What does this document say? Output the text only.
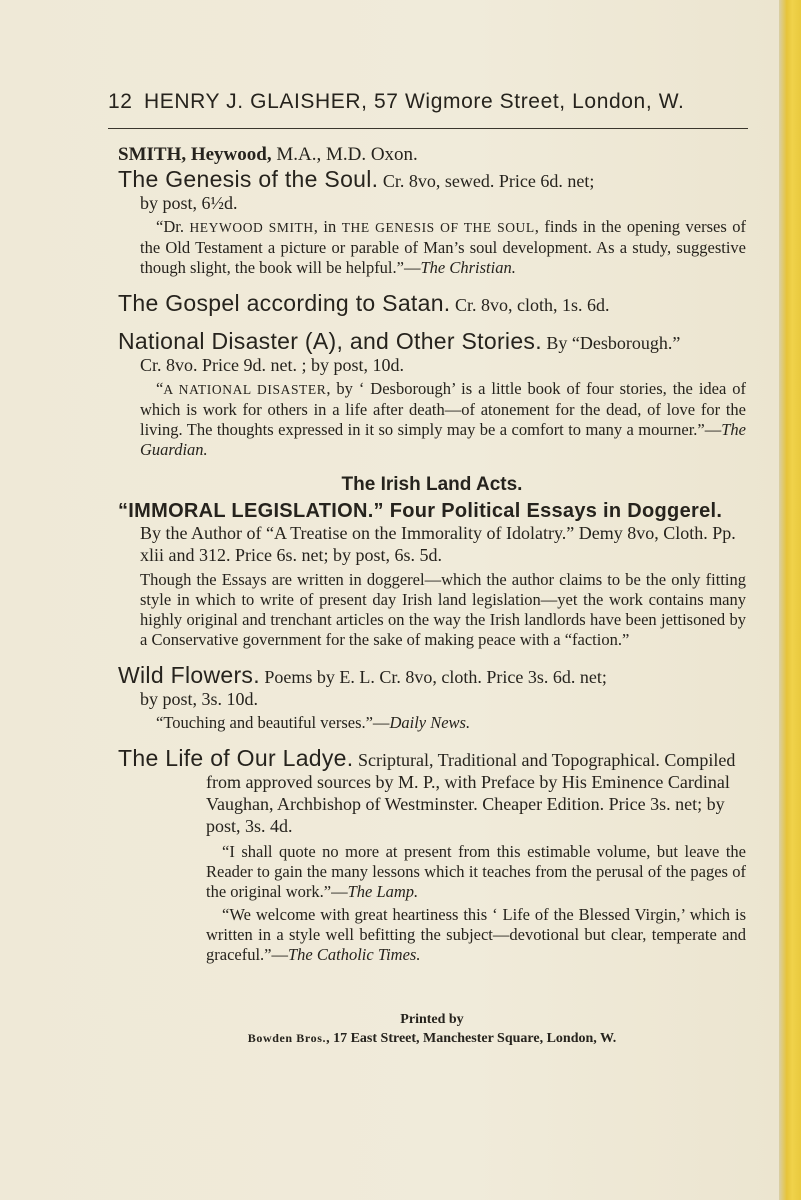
12 HENRY J. GLAISHER, 57 Wigmore Street, London, W.

SMITH, Heywood, M.A., M.D. Oxon.

The Genesis of the Soul. Cr. 8vo, sewed. Price 6d. net;
by post, 6½d.

“Dr. HEYWOOD SMITH, in THE GENESIS OF THE SOUL, finds in the opening verses of the Old Testament a picture or parable of Man’s soul development. As a study, suggestive though slight, the book will be helpful.”—The Christian.

The Gospel according to Satan. Cr. 8vo, cloth, 1s. 6d.

National Disaster (A), and Other Stories. By “Desborough.”
Cr. 8vo. Price 9d. net. ; by post, 10d.

“A NATIONAL DISASTER, by ‘ Desborough’ is a little book of four stories, the idea of which is work for others in a life after death—of atonement for the dead, of love for the living. The thoughts expressed in it so simply may be a comfort to many a mourner.”—The Guardian.

The Irish Land Acts.

“IMMORAL LEGISLATION.” Four Political Essays in Doggerel. By the Author of “A Treatise on the Immorality of Idolatry.” Demy 8vo, Cloth. Pp. xlii and 312. Price 6s. net; by post, 6s. 5d.

Though the Essays are written in doggerel—which the author claims to be the only fitting style in which to write of present day Irish land legislation—yet the work contains many highly original and trenchant articles on the way the Irish landlords have been jettisoned by a Conservative government for the sake of making peace with a “faction.”

Wild Flowers. Poems by E. L. Cr. 8vo, cloth. Price 3s. 6d. net;
by post, 3s. 10d.

“Touching and beautiful verses.”—Daily News.

The Life of Our Ladye. Scriptural, Traditional and Topographical. Compiled from approved sources by M. P., with Preface by His Eminence Cardinal Vaughan, Archbishop of Westminster. Cheaper Edition. Price 3s. net; by post, 3s. 4d.

“I shall quote no more at present from this estimable volume, but leave the Reader to gain the many lessons which it teaches from the perusal of the pages of the original work.”—The Lamp.

“We welcome with great heartiness this ‘ Life of the Blessed Virgin,’ which is written in a style well befitting the subject—devotional but clear, temperate and graceful.”—The Catholic Times.

Printed by

Bowden Bros., 17 East Street, Manchester Square, London, W.
